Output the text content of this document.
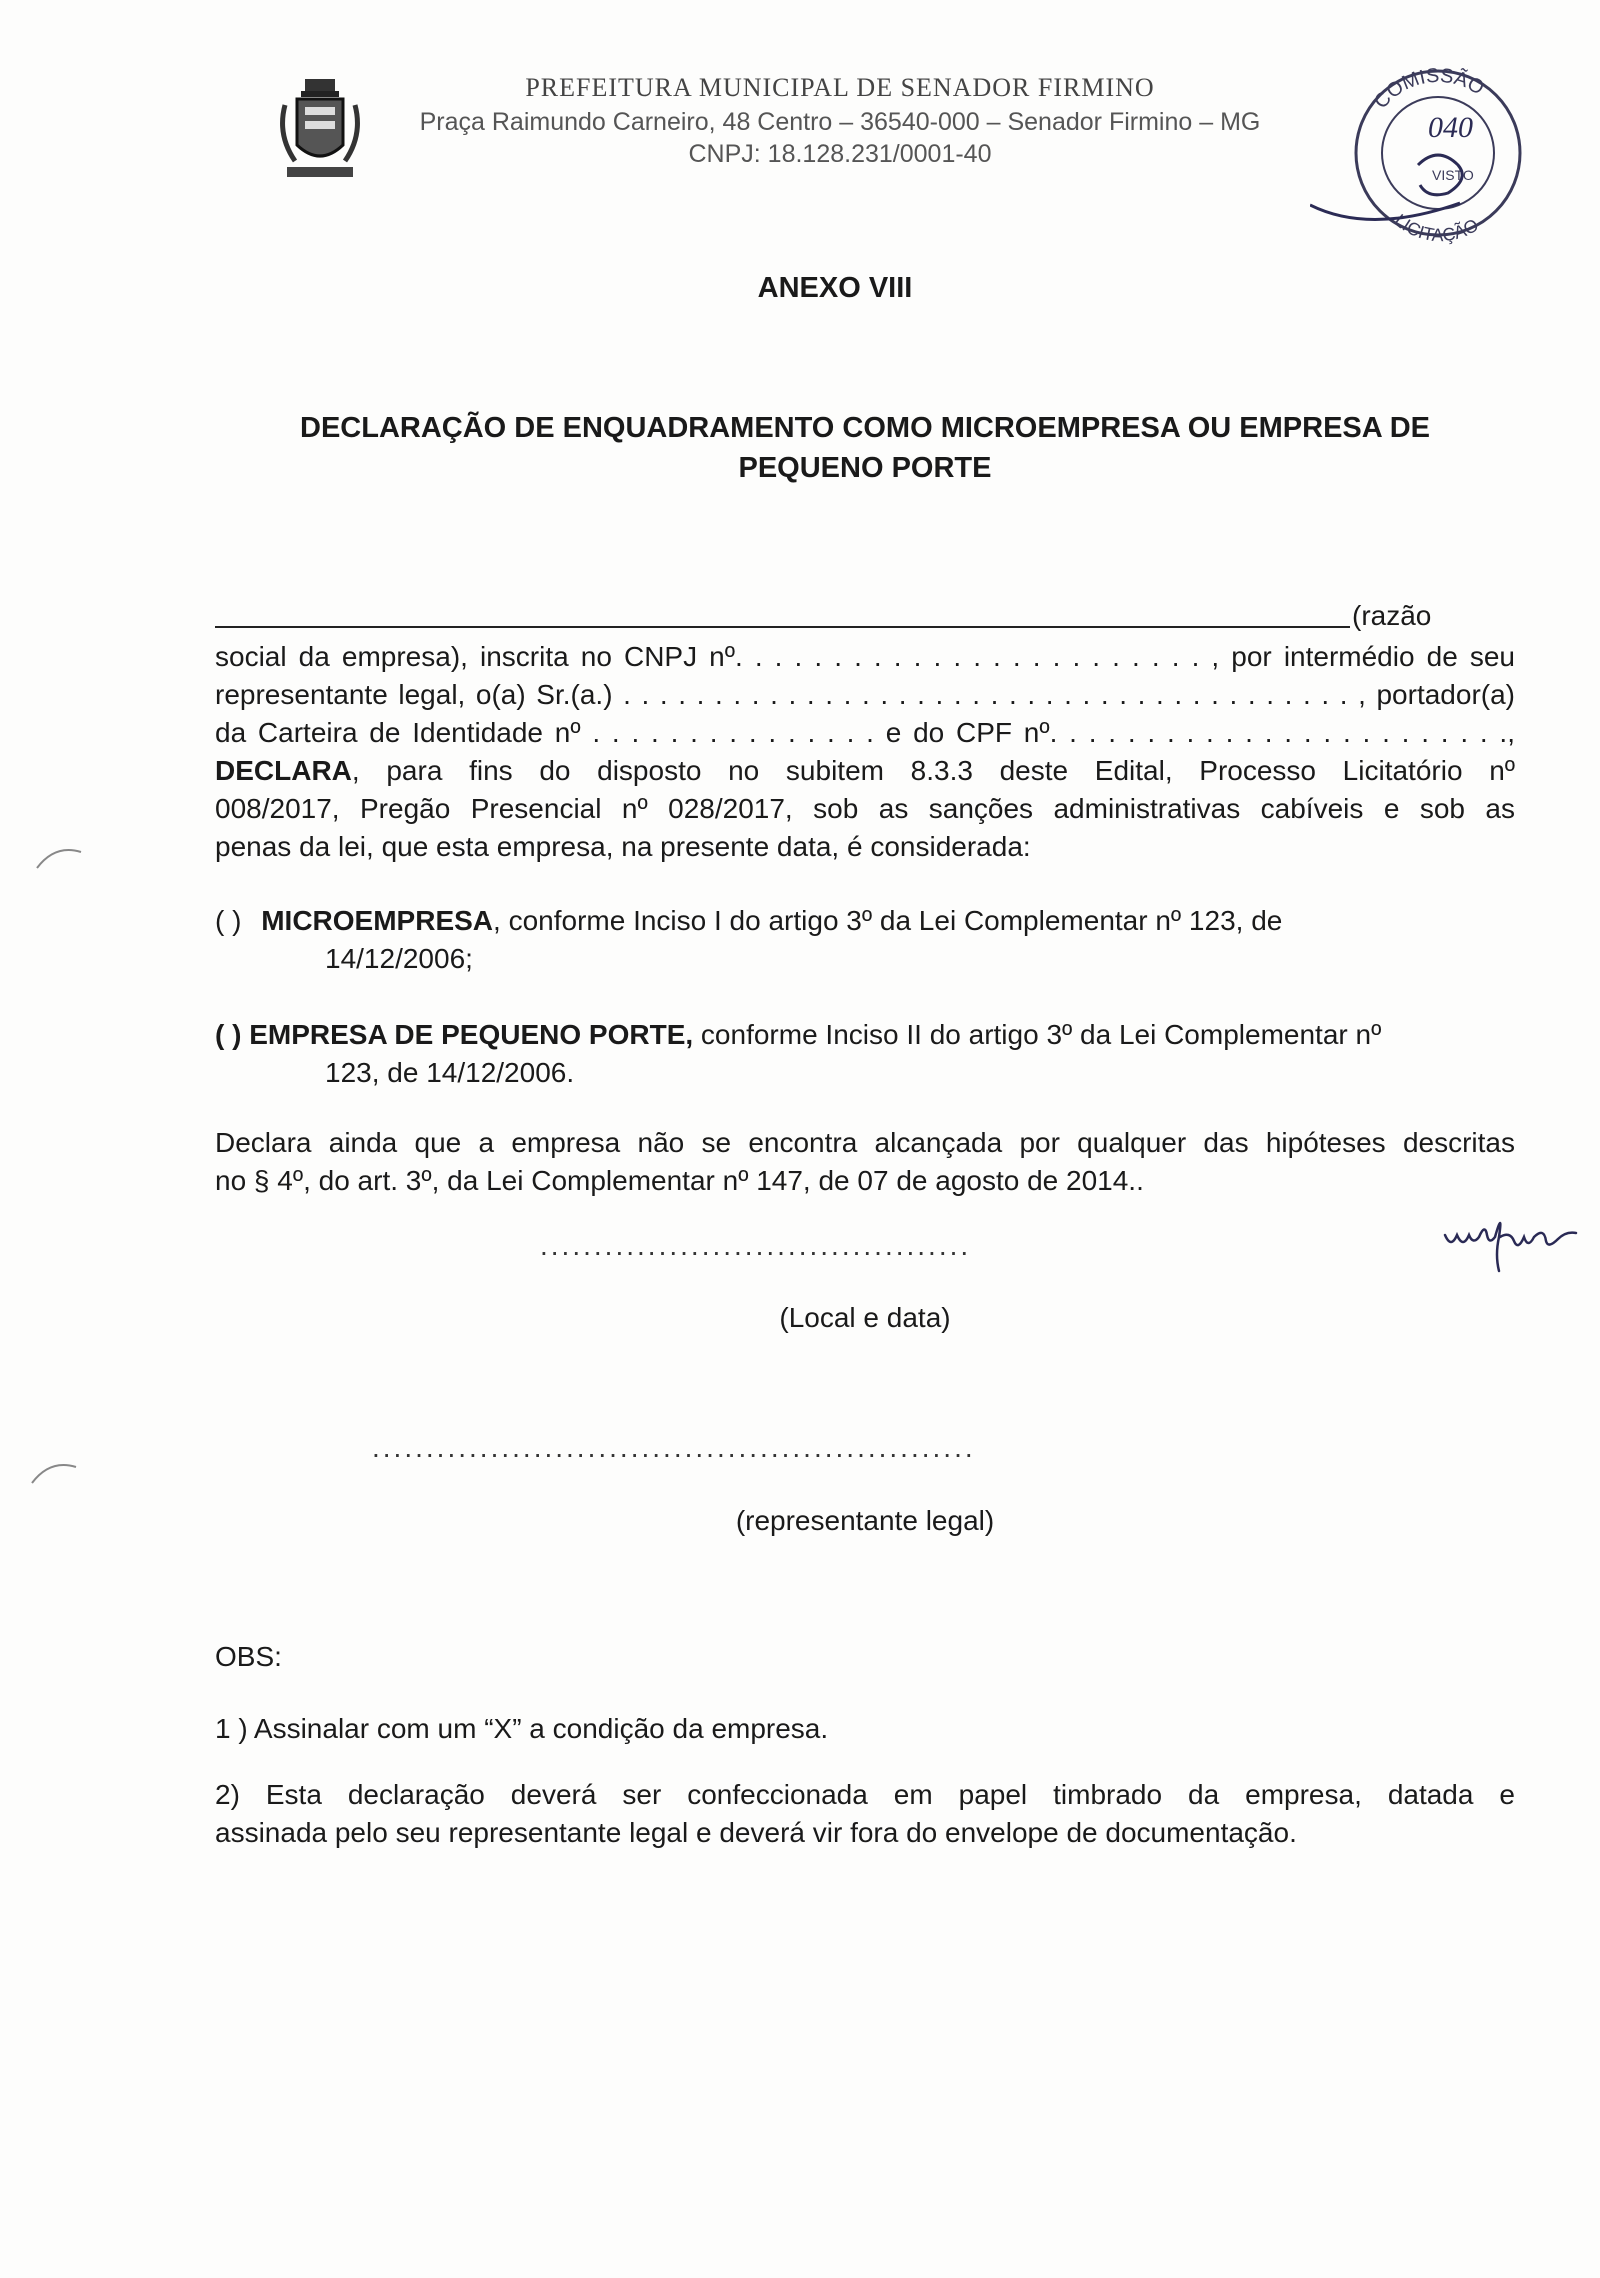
PREFEITURA MUNICIPAL DE SENADOR FIRMINO
Praça Raimundo Carneiro, 48 Centro – 36540-000 – Senador Firmino – MG
CNPJ: 18.128.231/0001-40
COMISSÃO
LICITAÇÃO
040
VISTO
ANEXO VIII
DECLARAÇÃO DE ENQUADRAMENTO COMO MICROEMPRESA OU EMPRESA DE PEQUENO PORTE
(razão
social da empresa), inscrita no CNPJ nº. . . . . . . . . . . . . . . . . . . . . . . . , por intermédio de seu
representante legal, o(a) Sr.(a.) . . . . . . . . . . . . . . . . . . . . . . . . . . . . . . . . . . . . . . . . , portador(a)
da Carteira de Identidade nº . . . . . . . . . . . . . . . e do CPF nº. . . . . . . . . . . . . . . . . . . . . . . .,
DECLARA, para fins do disposto no subitem 8.3.3 deste Edital, Processo Licitatório nº
008/2017, Pregão Presencial nº 028/2017, sob as sanções administrativas cabíveis e sob as
penas da lei, que esta empresa, na presente data, é considerada:
( ) MICROEMPRESA, conforme Inciso I do artigo 3º da Lei Complementar nº 123, de
14/12/2006;
( ) EMPRESA DE PEQUENO PORTE, conforme Inciso II do artigo 3º da Lei Complementar nº
123, de 14/12/2006.
Declara ainda que a empresa não se encontra alcançada por qualquer das hipóteses descritas
no § 4º, do art. 3º, da Lei Complementar nº 147, de 07 de agosto de 2014..
........................................
(Local e data)
........................................................
(representante legal)
OBS:
1 ) Assinalar com um “X” a condição da empresa.
2) Esta declaração deverá ser confeccionada em papel timbrado da empresa, datada e
assinada pelo seu representante legal e deverá vir fora do envelope de documentação.
